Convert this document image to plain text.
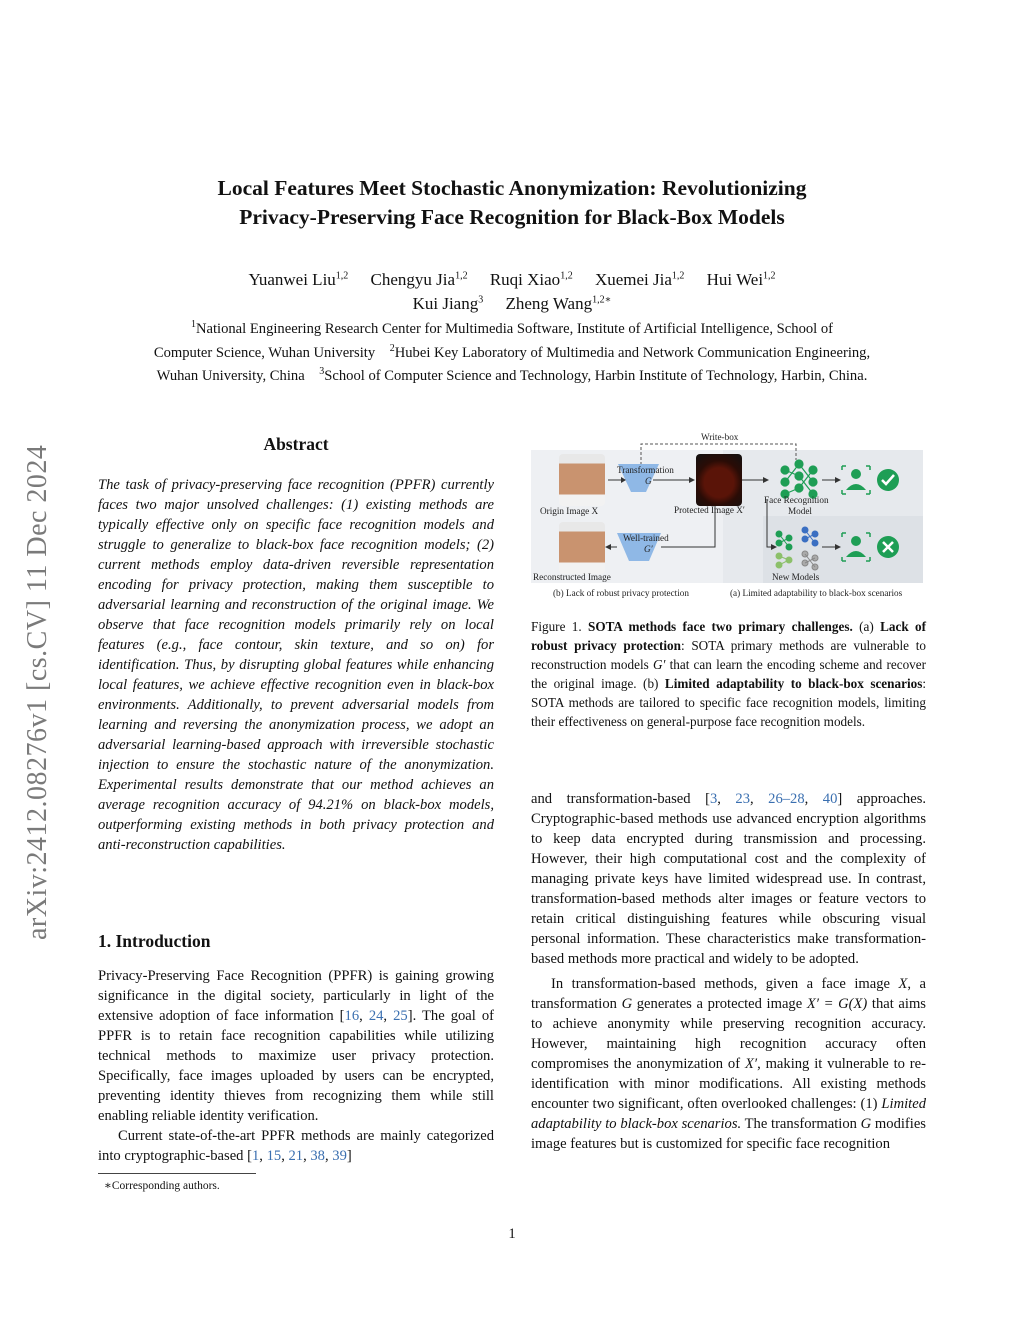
arXiv:2412.08276v1 [cs.CV] 11 Dec 2024
Local Features Meet Stochastic Anonymization: Revolutionizing
Privacy-Preserving Face Recognition for Black-Box Models
Yuanwei Liu$^{1,2}$ Chengyu Jia$^{1,2}$ Ruqi Xiao$^{1,2}$ Xuemei Jia$^{1,2}$ Hui Wei$^{1,2}$
Kui Jiang$^3$ Zheng Wang$^{1,2∗}$
$^1$National Engineering Research Center for Multimedia Software, Institute of Artificial Intelligence, School of
Computer Science, Wuhan University $^2$Hubei Key Laboratory of Multimedia and Network Communication Engineering,
Wuhan University, China $^3$School of Computer Science and Technology, Harbin Institute of Technology, Harbin, China.
Abstract
The task of privacy-preserving face recognition (PPFR) currently faces two major unsolved challenges: (1) existing methods are typically effective only on specific face recognition models and struggle to generalize to black-box face recognition models; (2) current methods employ data-driven reversible representation encoding for privacy protection, making them susceptible to adversarial learning and reconstruction of the original image. We observe that face recognition models primarily rely on local features (e.g., face contour, skin texture, and so on) for identification. Thus, by disrupting global features while enhancing local features, we achieve effective recognition even in black-box environments. Additionally, to prevent adversarial models from learning and reversing the anonymization process, we adopt an adversarial learning-based approach with irreversible stochastic injection to ensure the stochastic nature of the anonymization. Experimental results demonstrate that our method achieves an average recognition accuracy of 94.21% on black-box models, outperforming existing methods in both privacy protection and anti-reconstruction capabilities.
1. Introduction

Privacy-Preserving Face Recognition (PPFR) is gaining growing significance in the digital society, particularly in light of the extensive adoption of face information [16, 24, 25]. The goal of PPFR is to retain face recognition capabilities while utilizing technical methods to maximize user privacy protection. Specifically, face images uploaded by users can be encrypted, preventing identity thieves from recognizing them while still enabling reliable identity verification.

Current state-of-the-art PPFR methods are mainly categorized into cryptographic-based [1, 15, 21, 38, 39]

∗Corresponding authors.
Write-box
Transformation
G
Origin Image X	Protected Image X′
Face Recognition
Model
Well-trained
G′
Reconstructed Image	New Models
(b) Lack of robust privacy protection	(a) Limited adaptability to black-box scenarios
Figure 1. SOTA methods face two primary challenges. (a) Lack of robust privacy protection: SOTA primary methods are vulnerable to reconstruction models G′ that can learn the encoding scheme and recover the original image. (b) Limited adaptability to black-box scenarios: SOTA methods are tailored to specific face recognition models, limiting their effectiveness on general-purpose face recognition models.

and transformation-based [3, 23, 26–28, 40] approaches. Cryptographic-based methods use advanced encryption algorithms to keep data encrypted during transmission and processing. However, their high computational cost and the complexity of managing private keys have limited widespread use. In contrast, transformation-based methods alter images or feature vectors to retain critical distinguishing features while obscuring visual personal information. These characteristics make transformation-based methods more practical and widely to be adopted.

In transformation-based methods, given a face image X, a transformation G generates a protected image X′ = G(X) that aims to achieve anonymity while preserving recognition accuracy. However, maintaining high recognition accuracy often compromises the anonymization of X′, making it vulnerable to re-identification with minor modifications. All existing methods encounter two significant, often overlooked challenges: (1) Limited adaptability to black-box scenarios. The transformation G modifies image features but is customized for specific face recognition

1
